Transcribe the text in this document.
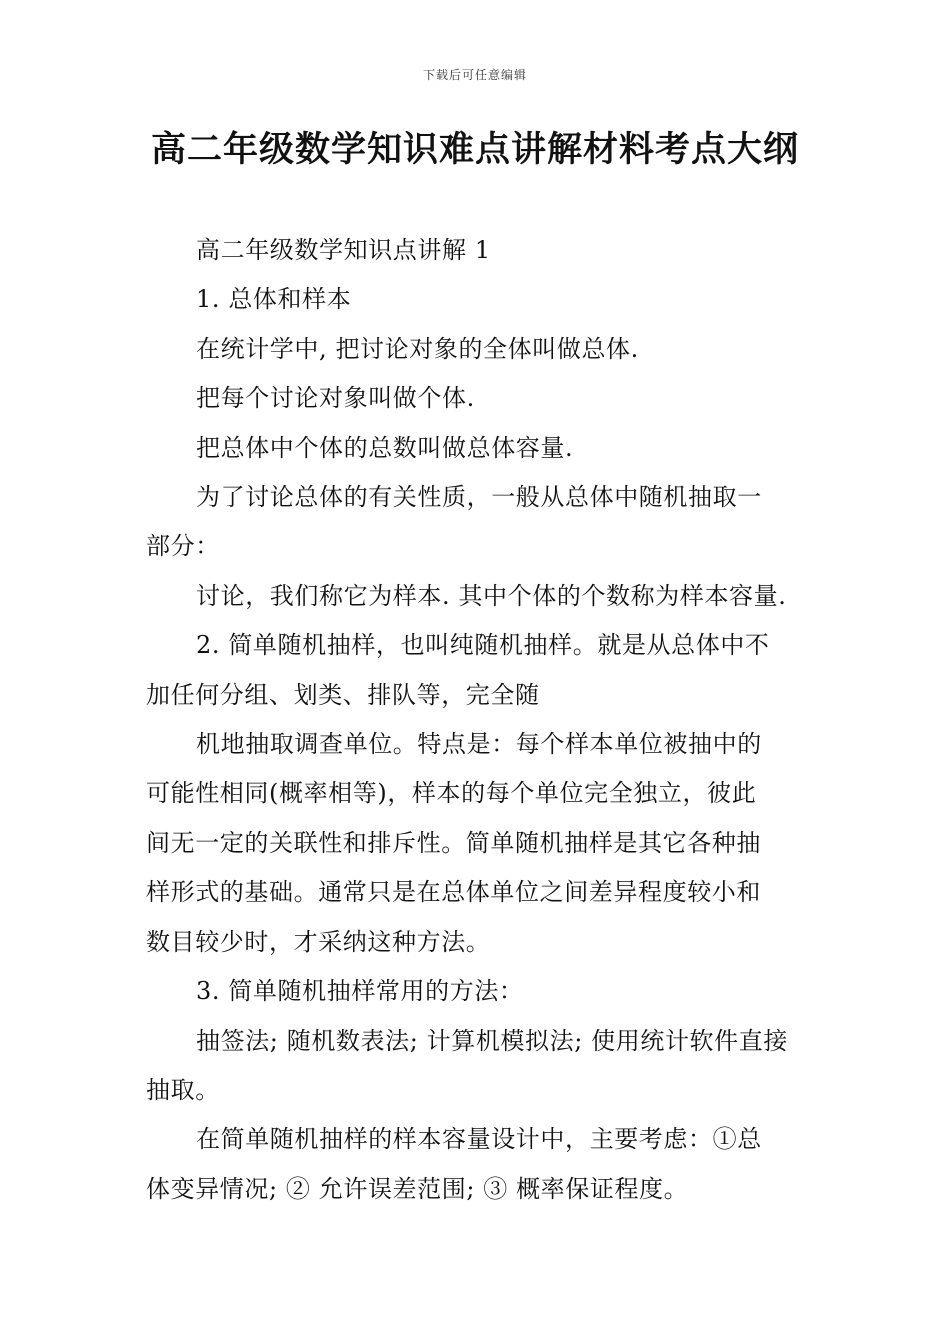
下载后可任意编辑
高二年级数学知识难点讲解材料考点大纲

高二年级数学知识点讲解 1

1. 总体和样本

在统计学中, 把讨论对象的全体叫做总体.

把每个讨论对象叫做个体.

把总体中个体的总数叫做总体容量.

为了讨论总体的有关性质，一般从总体中随机抽取一

部分：

讨论，我们称它为样本. 其中个体的个数称为样本容量.

2. 简单随机抽样，也叫纯随机抽样。就是从总体中不

加任何分组、划类、排队等，完全随

机地抽取调查单位。特点是：每个样本单位被抽中的

可能性相同(概率相等)，样本的每个单位完全独立，彼此

间无一定的关联性和排斥性。简单随机抽样是其它各种抽

样形式的基础。通常只是在总体单位之间差异程度较小和

数目较少时，才采纳这种方法。

3. 简单随机抽样常用的方法：

抽签法; 随机数表法; 计算机模拟法; 使用统计软件直接

抽取。

在简单随机抽样的样本容量设计中，主要考虑：①总

体变异情况; ② 允许误差范围; ③ 概率保证程度。
